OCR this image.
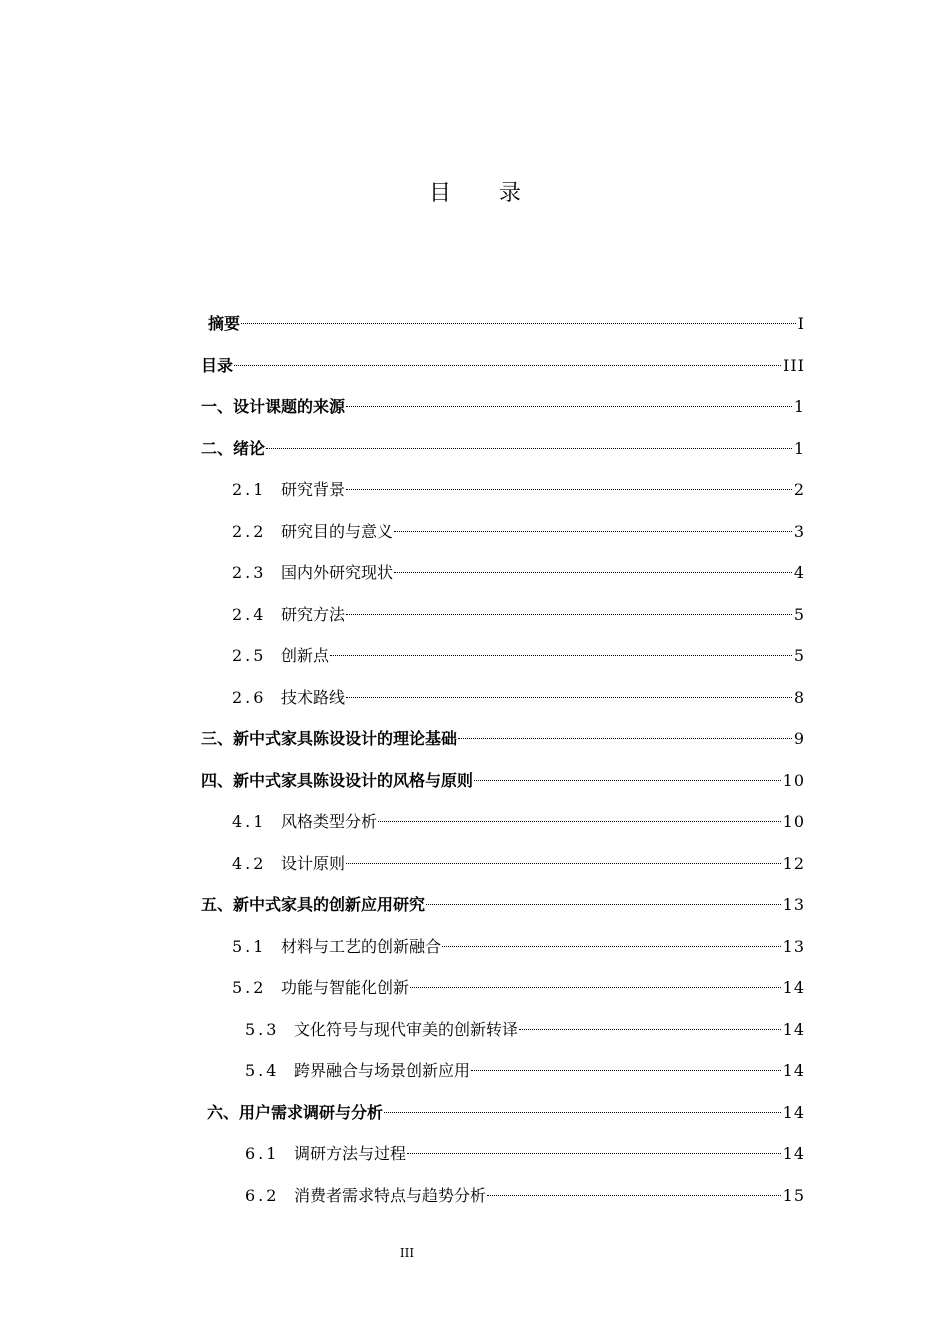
目录
摘要	I
目录	III
一、设计课题的来源	1
二、绪论	1
2.1 研究背景	2
2.2 研究目的与意义	3
2.3 国内外研究现状	4
2.4 研究方法	5
2.5 创新点	5
2.6 技术路线	8
三、新中式家具陈设设计的理论基础	9
四、新中式家具陈设设计的风格与原则	10
4.1 风格类型分析	10
4.2 设计原则	12
五、新中式家具的创新应用研究	13
5.1 材料与工艺的创新融合	13
5.2 功能与智能化创新	14
5.3 文化符号与现代审美的创新转译	14
5.4 跨界融合与场景创新应用	14
六、用户需求调研与分析	14
6.1 调研方法与过程	14
6.2 消费者需求特点与趋势分析	15
III
